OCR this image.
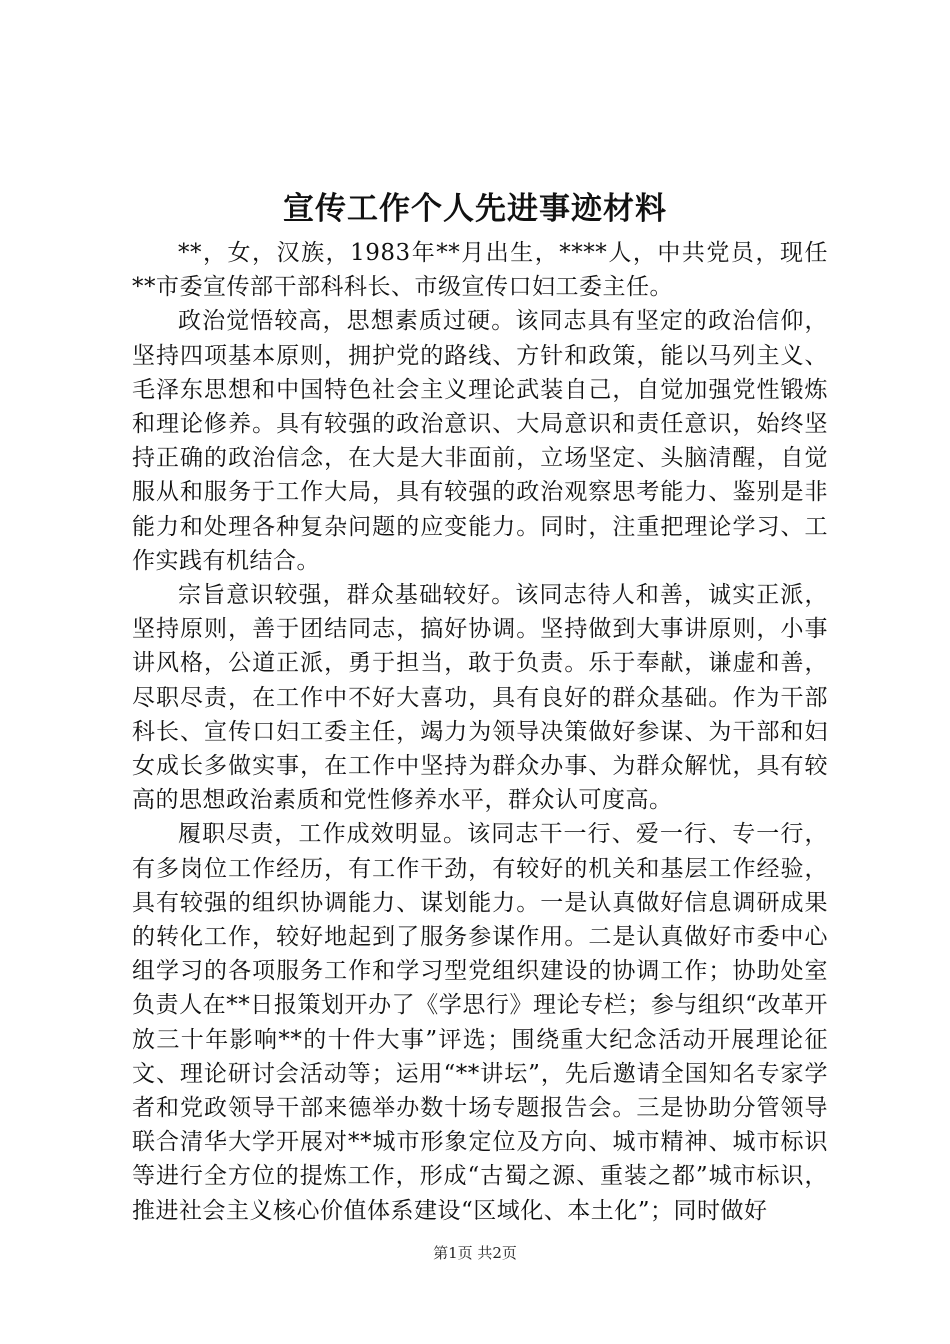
宣传工作个人先进事迹材料

**，女，汉族，1983年**月出生，****人，中共党员，现任**市委宣传部干部科科长、市级宣传口妇工委主任。

政治觉悟较高，思想素质过硬。该同志具有坚定的政治信仰，坚持四项基本原则，拥护党的路线、方针和政策，能以马列主义、毛泽东思想和中国特色社会主义理论武装自己，自觉加强党性锻炼和理论修养。具有较强的政治意识、大局意识和责任意识，始终坚持正确的政治信念，在大是大非面前，立场坚定、头脑清醒，自觉服从和服务于工作大局，具有较强的政治观察思考能力、鉴别是非能力和处理各种复杂问题的应变能力。同时，注重把理论学习、工作实践有机结合。

宗旨意识较强，群众基础较好。该同志待人和善，诚实正派，坚持原则，善于团结同志，搞好协调。坚持做到大事讲原则，小事讲风格，公道正派，勇于担当，敢于负责。乐于奉献，谦虚和善，尽职尽责，在工作中不好大喜功，具有良好的群众基础。作为干部科长、宣传口妇工委主任，竭力为领导决策做好参谋、为干部和妇女成长多做实事，在工作中坚持为群众办事、为群众解忧，具有较高的思想政治素质和党性修养水平，群众认可度高。

履职尽责，工作成效明显。该同志干一行、爱一行、专一行，有多岗位工作经历，有工作干劲，有较好的机关和基层工作经验，具有较强的组织协调能力、谋划能力。一是认真做好信息调研成果的转化工作，较好地起到了服务参谋作用。二是认真做好市委中心组学习的各项服务工作和学习型党组织建设的协调工作；协助处室负责人在**日报策划开办了《学思行》理论专栏；参与组织“改革开放三十年影响**的十件大事”评选；围绕重大纪念活动开展理论征文、理论研讨会活动等；运用“**讲坛”，先后邀请全国知名专家学者和党政领导干部来德举办数十场专题报告会。三是协助分管领导联合清华大学开展对**城市形象定位及方向、城市精神、城市标识等进行全方位的提炼工作，形成“古蜀之源、重装之都”城市标识，推进社会主义核心价值体系建设“区域化、本土化”；同时做好

第1页 共2页
